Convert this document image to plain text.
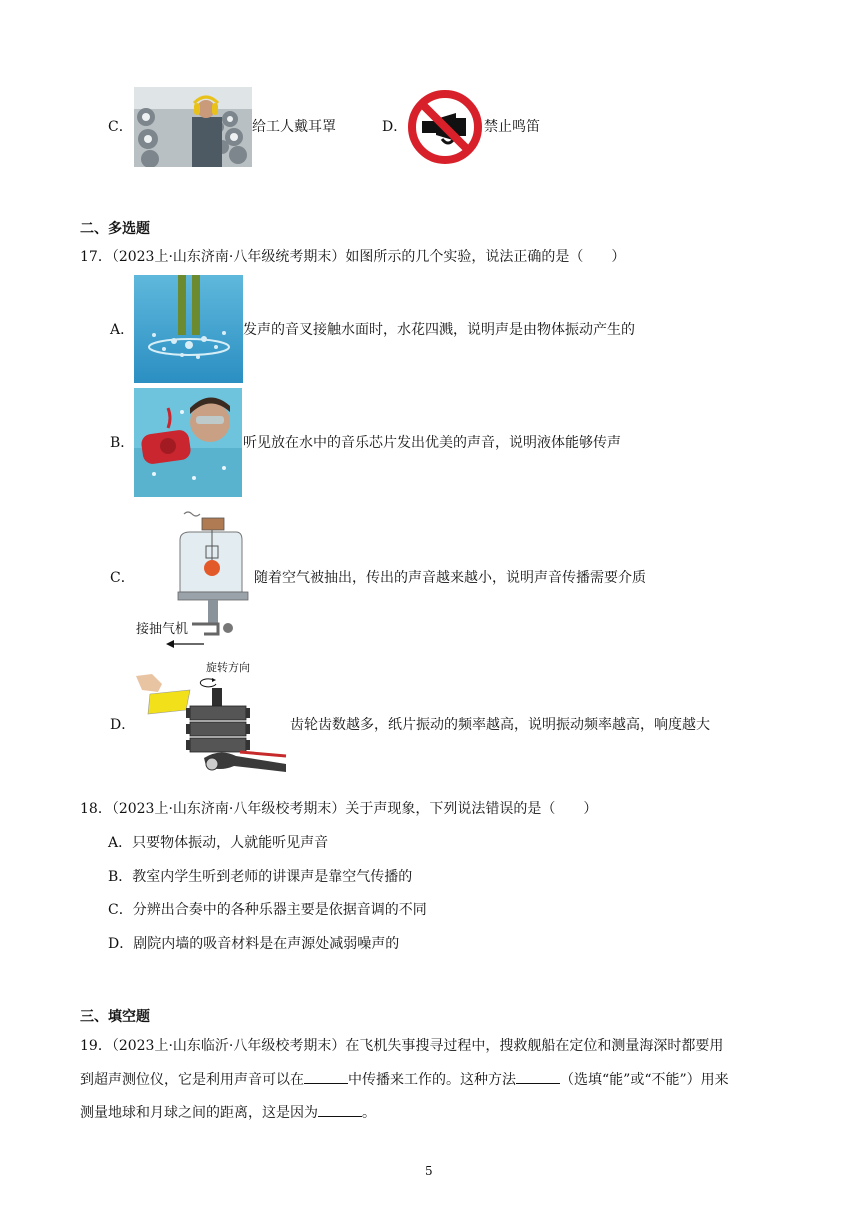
C．	给工人戴耳罩	D．	禁止鸣笛
二、多选题
17．（2023上·山东济南·八年级统考期末）如图所示的几个实验，说法正确的是（　　）
A．	发声的音叉接触水面时，水花四溅，说明声是由物体振动产生的
B．	听见放在水中的音乐芯片发出优美的声音，说明液体能够传声
C．
接抽气机
随着空气被抽出，传出的声音越来越小，说明声音传播需要介质
D．
旋转方向
齿轮齿数越多，纸片振动的频率越高，说明振动频率越高，响度越大
18．（2023上·山东济南·八年级校考期末）关于声现象，下列说法错误的是（　　）
A．只要物体振动，人就能听见声音
B．教室内学生听到老师的讲课声是靠空气传播的
C．分辨出合奏中的各种乐器主要是依据音调的不同
D．剧院内墙的吸音材料是在声源处减弱噪声的
三、填空题
19．（2023上·山东临沂·八年级校考期末）在飞机失事搜寻过程中，搜救舰船在定位和测量海深时都要用
到超声测位仪，它是利用声音可以在	中传播来工作的。这种方法	（选填“能”或“不能”）用来
测量地球和月球之间的距离，这是因为	。
5
